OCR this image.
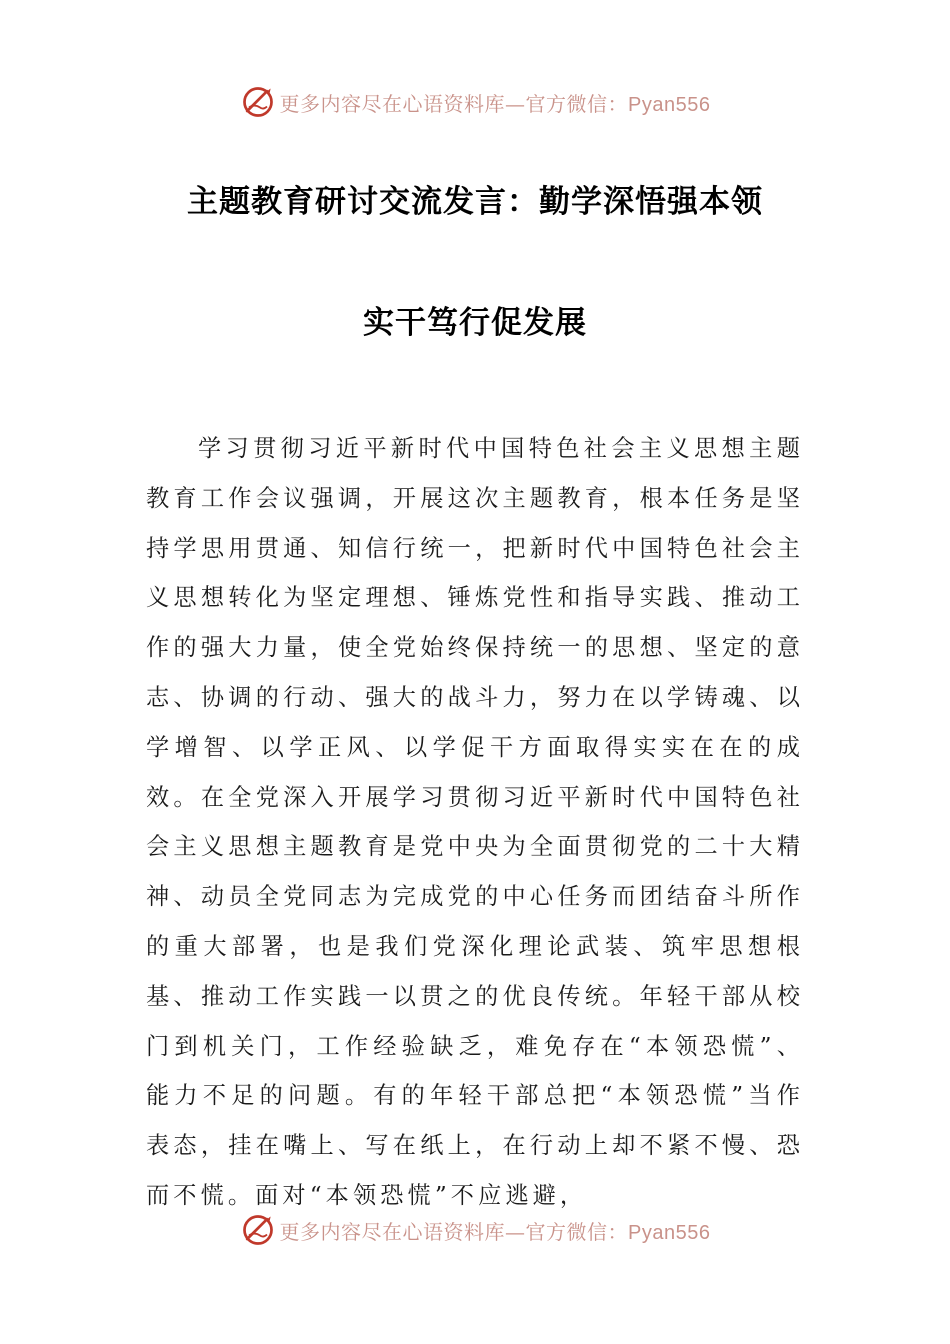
更多内容尽在心语资料库—官方微信：Pyan556
主题教育研讨交流发言：勤学深悟强本领
实干笃行促发展

学习贯彻习近平新时代中国特色社会主义思想主题教育工作会议强调，开展这次主题教育，根本任务是坚持学思用贯通、知信行统一，把新时代中国特色社会主义思想转化为坚定理想、锤炼党性和指导实践、推动工作的强大力量，使全党始终保持统一的思想、坚定的意志、协调的行动、强大的战斗力，努力在以学铸魂、以学增智、以学正风、以学促干方面取得实实在在的成效。在全党深入开展学习贯彻习近平新时代中国特色社会主义思想主题教育是党中央为全面贯彻党的二十大精神、动员全党同志为完成党的中心任务而团结奋斗所作的重大部署，也是我们党深化理论武装、筑牢思想根基、推动工作实践一以贯之的优良传统。年轻干部从校门到机关门，工作经验缺乏，难免存在“本领恐慌”、能力不足的问题。有的年轻干部总把“本领恐慌”当作表态，挂在嘴上、写在纸上，在行动上却不紧不慢、恐而不慌。面对“本领恐慌”不应逃避，

更多内容尽在心语资料库—官方微信：Pyan556
